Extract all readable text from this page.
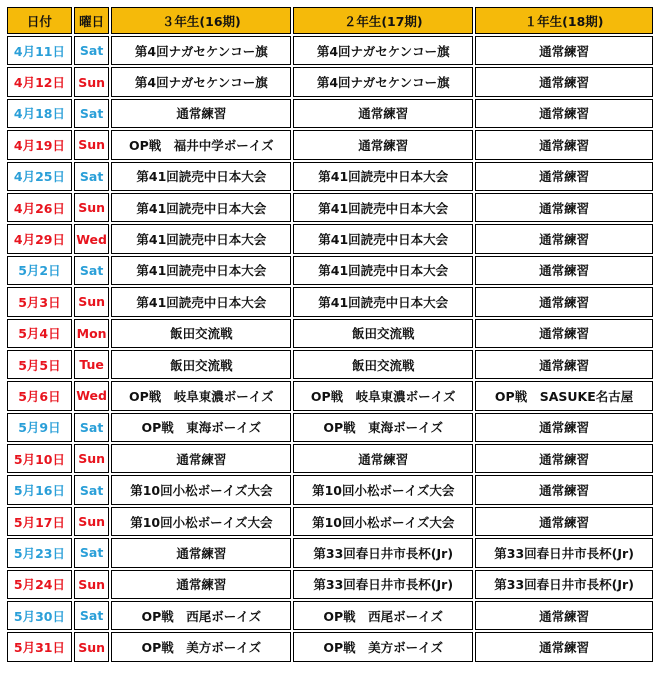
日付	曜日	３年生(16期)	２年生(17期)	１年生(18期)
4月11日	Sat	第4回ナガセケンコー旗	第4回ナガセケンコー旗	通常練習
4月12日	Sun	第4回ナガセケンコー旗	第4回ナガセケンコー旗	通常練習
4月18日	Sat	通常練習	通常練習	通常練習
4月19日	Sun	OP戦　福井中学ボーイズ	通常練習	通常練習
4月25日	Sat	第41回読売中日本大会	第41回読売中日本大会	通常練習
4月26日	Sun	第41回読売中日本大会	第41回読売中日本大会	通常練習
4月29日	Wed	第41回読売中日本大会	第41回読売中日本大会	通常練習
5月2日	Sat	第41回読売中日本大会	第41回読売中日本大会	通常練習
5月3日	Sun	第41回読売中日本大会	第41回読売中日本大会	通常練習
5月4日	Mon	飯田交流戦	飯田交流戦	通常練習
5月5日	Tue	飯田交流戦	飯田交流戦	通常練習
5月6日	Wed	OP戦　岐阜東濃ボーイズ	OP戦　岐阜東濃ボーイズ	OP戦　SASUKE名古屋
5月9日	Sat	OP戦　東海ボーイズ	OP戦　東海ボーイズ	通常練習
5月10日	Sun	通常練習	通常練習	通常練習
5月16日	Sat	第10回小松ボーイズ大会	第10回小松ボーイズ大会	通常練習
5月17日	Sun	第10回小松ボーイズ大会	第10回小松ボーイズ大会	通常練習
5月23日	Sat	通常練習	第33回春日井市長杯(Jr)	第33回春日井市長杯(Jr)
5月24日	Sun	通常練習	第33回春日井市長杯(Jr)	第33回春日井市長杯(Jr)
5月30日	Sat	OP戦　西尾ボーイズ	OP戦　西尾ボーイズ	通常練習
5月31日	Sun	OP戦　美方ボーイズ	OP戦　美方ボーイズ	通常練習
